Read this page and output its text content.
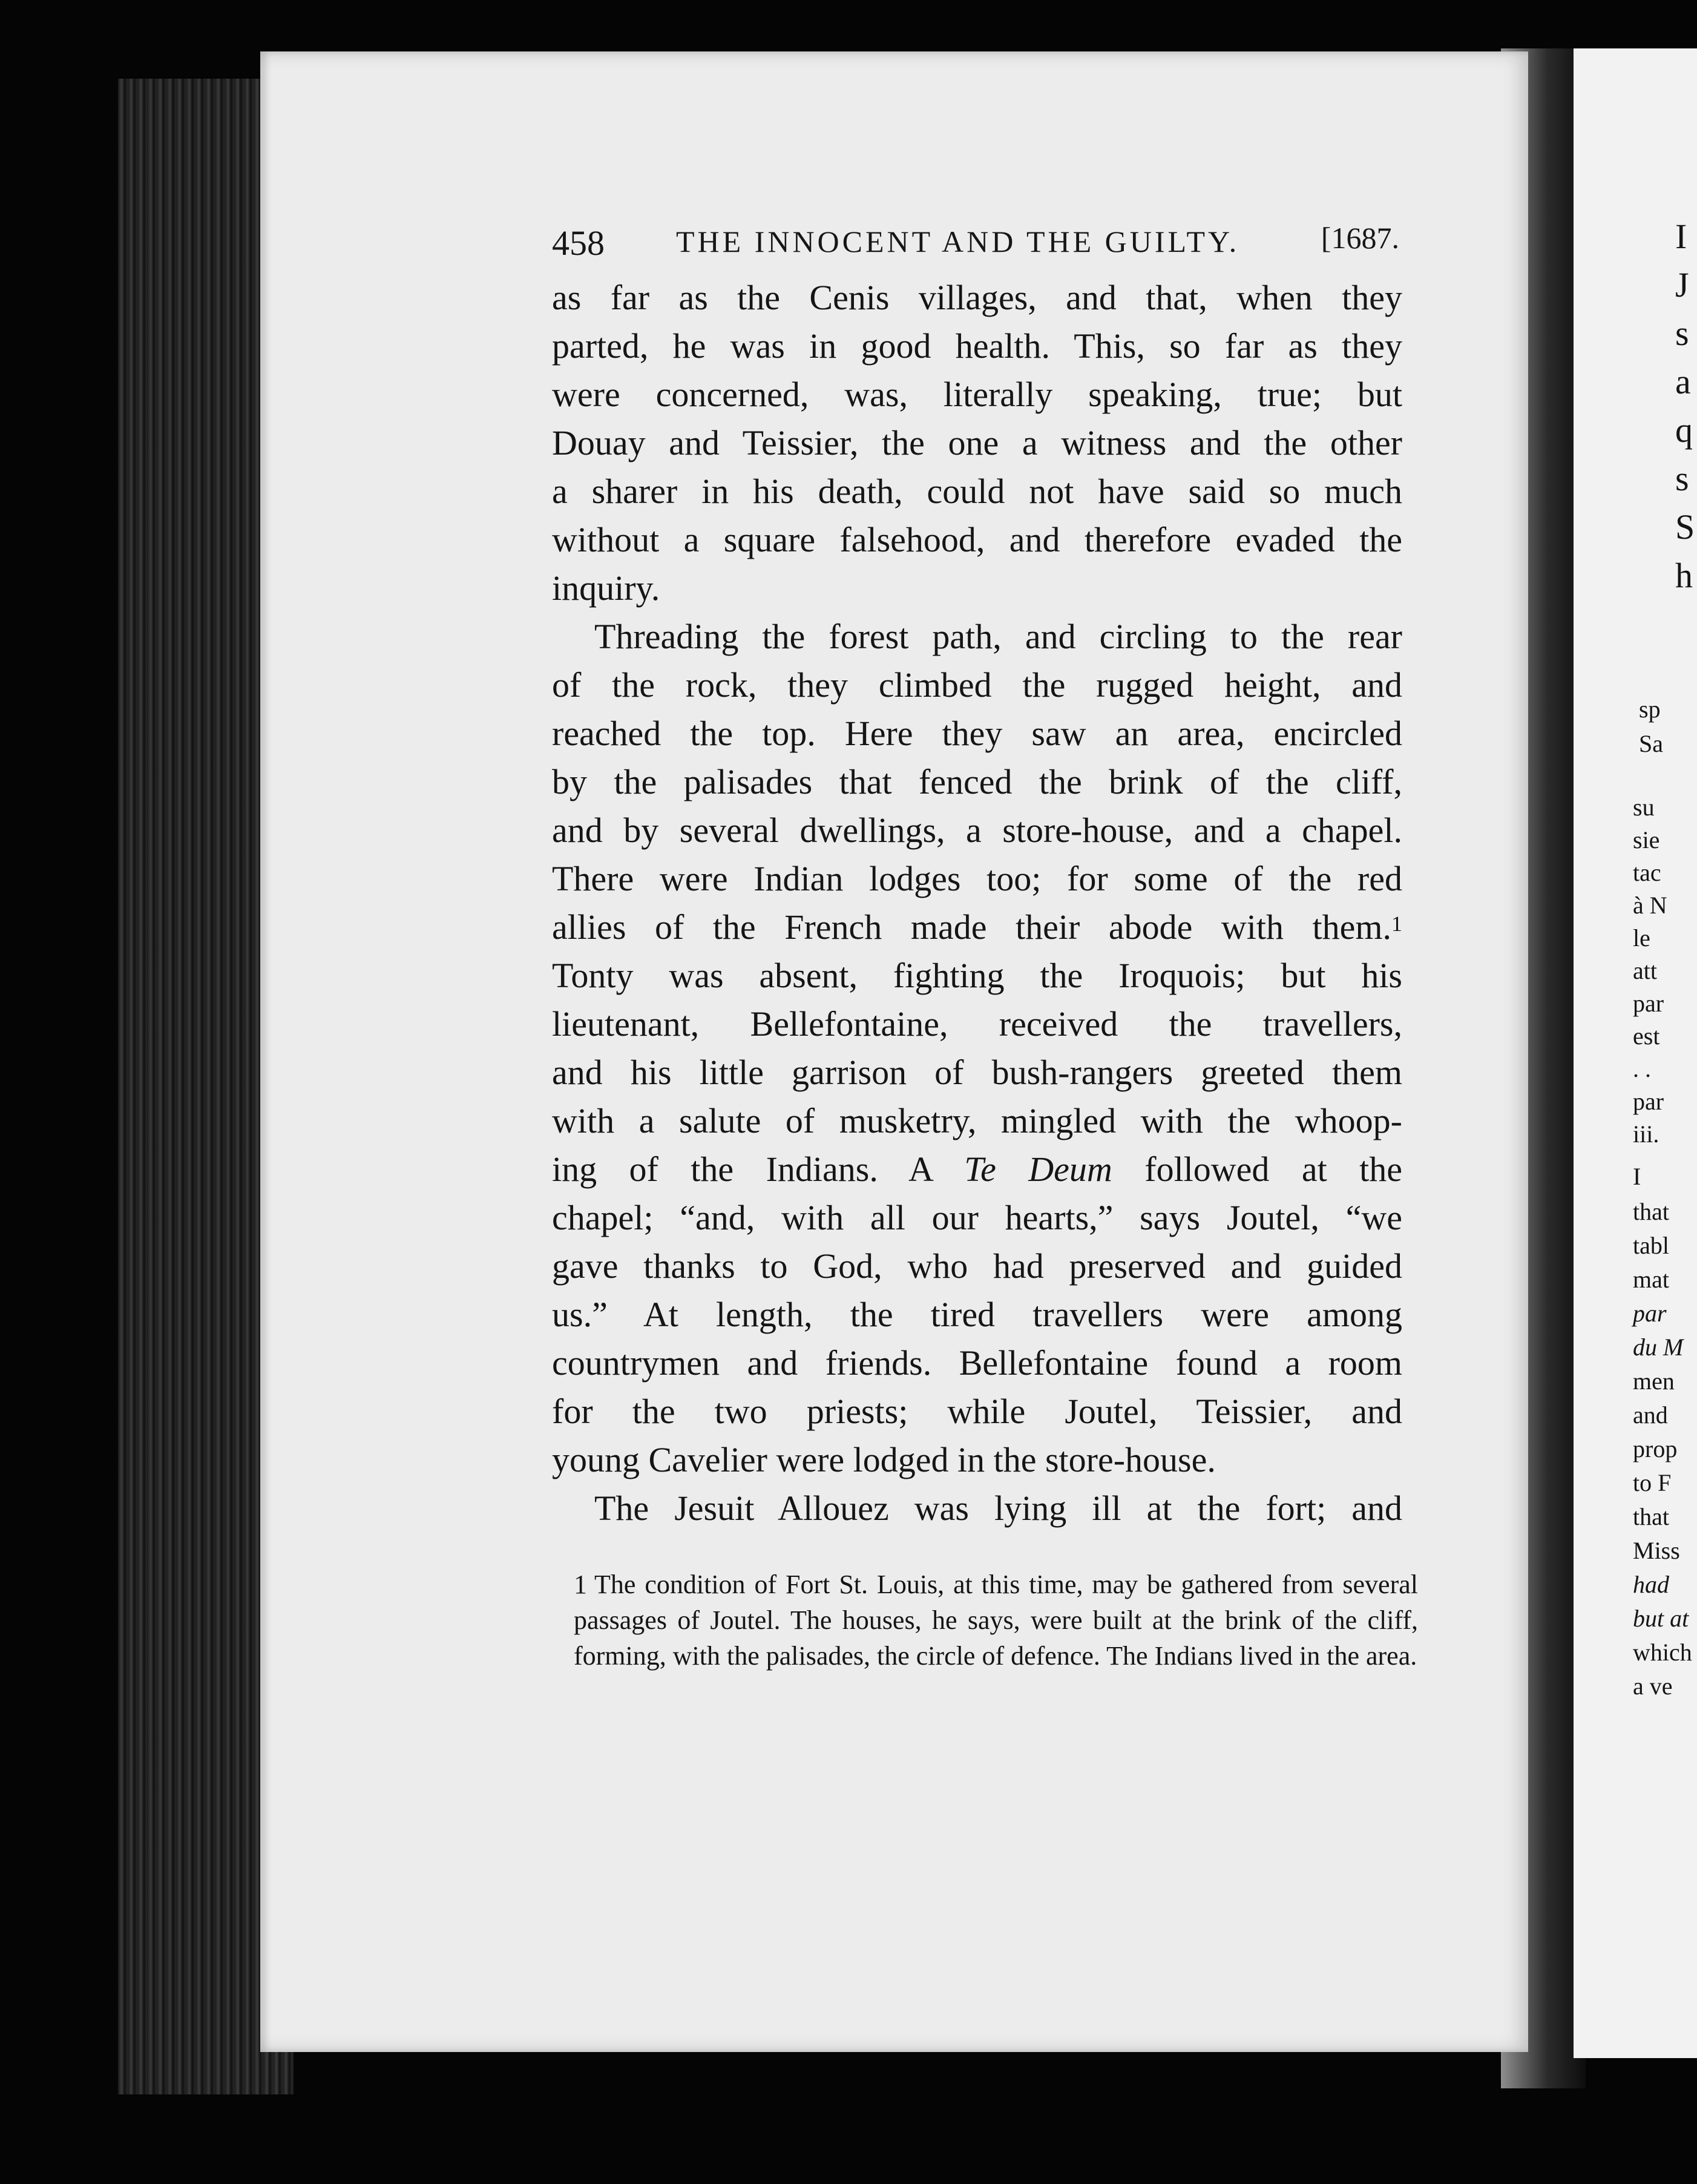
458 THE INNOCENT AND THE GUILTY.	[1687.

as far as the Cenis villages, and that, when they

parted, he was in good health. This, so far as they

were concerned, was, literally speaking, true; but

Douay and Teissier, the one a witness and the other

a sharer in his death, could not have said so much

without a square falsehood, and therefore evaded the

inquiry.

Threading the forest path, and circling to the rear

of the rock, they climbed the rugged height, and

reached the top. Here they saw an area, encircled

by the palisades that fenced the brink of the cliff,

and by several dwellings, a store-house, and a chapel.

There were Indian lodges too; for some of the red

allies of the French made their abode with them.$^1$

Tonty was absent, fighting the Iroquois; but his

lieutenant, Bellefontaine, received the travellers,

and his little garrison of bush-rangers greeted them

with a salute of musketry, mingled with the whoop-

ing of the Indians. A Te Deum followed at the

chapel; “and, with all our hearts,” says Joutel, “we

gave thanks to God, who had preserved and guided

us.” At length, the tired travellers were among

countrymen and friends. Bellefontaine found a room

for the two priests; while Joutel, Teissier, and

young Cavelier were lodged in the store-house.

The Jesuit Allouez was lying ill at the fort; and

1 The condition of Fort St. Louis, at this time, may be gathered from several passages of Joutel. The houses, he says, were built at the brink of the cliff, forming, with the palisades, the circle of defence. The Indians lived in the area.
I
J
s
a
q
s
S
h
sp
Sa
su
sie
tac
à N
le
att
par
est
. .
par
iii.
I
that
tabl
mat
par
du M
men
and
prop
to F
that
Miss
had
but at
which
a ve
